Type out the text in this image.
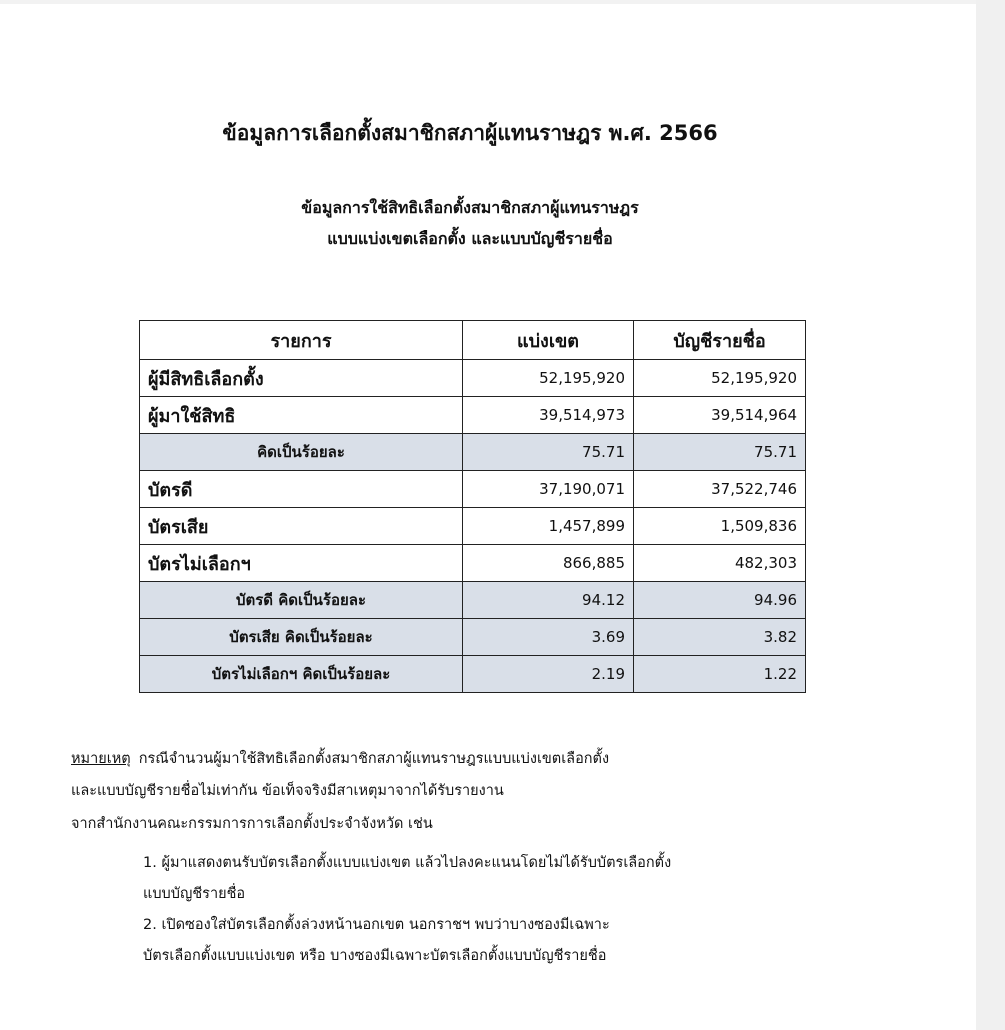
ข้อมูลการเลือกตั้งสมาชิกสภาผู้แทนราษฎร พ.ศ. 2566
ข้อมูลการใช้สิทธิเลือกตั้งสมาชิกสภาผู้แทนราษฎร
แบบแบ่งเขตเลือกตั้ง และแบบบัญชีรายชื่อ
รายการ	แบ่งเขต	บัญชีรายชื่อ
ผู้มีสิทธิเลือกตั้ง	52,195,920	52,195,920
ผู้มาใช้สิทธิ	39,514,973	39,514,964
คิดเป็นร้อยละ	75.71	75.71
บัตรดี	37,190,071	37,522,746
บัตรเสีย	1,457,899	1,509,836
บัตรไม่เลือกฯ	866,885	482,303
บัตรดี คิดเป็นร้อยละ	94.12	94.96
บัตรเสีย คิดเป็นร้อยละ	3.69	3.82
บัตรไม่เลือกฯ คิดเป็นร้อยละ	2.19	1.22
หมายเหตุ กรณีจำนวนผู้มาใช้สิทธิเลือกตั้งสมาชิกสภาผู้แทนราษฎรแบบแบ่งเขตเลือกตั้ง
และแบบบัญชีรายชื่อไม่เท่ากัน ข้อเท็จจริงมีสาเหตุมาจากได้รับรายงาน
จากสำนักงานคณะกรรมการการเลือกตั้งประจำจังหวัด เช่น
1. ผู้มาแสดงตนรับบัตรเลือกตั้งแบบแบ่งเขต แล้วไปลงคะแนนโดยไม่ได้รับบัตรเลือกตั้ง
แบบบัญชีรายชื่อ
2. เปิดซองใส่บัตรเลือกตั้งล่วงหน้านอกเขต นอกราชฯ พบว่าบางซองมีเฉพาะ
บัตรเลือกตั้งแบบแบ่งเขต หรือ บางซองมีเฉพาะบัตรเลือกตั้งแบบบัญชีรายชื่อ
